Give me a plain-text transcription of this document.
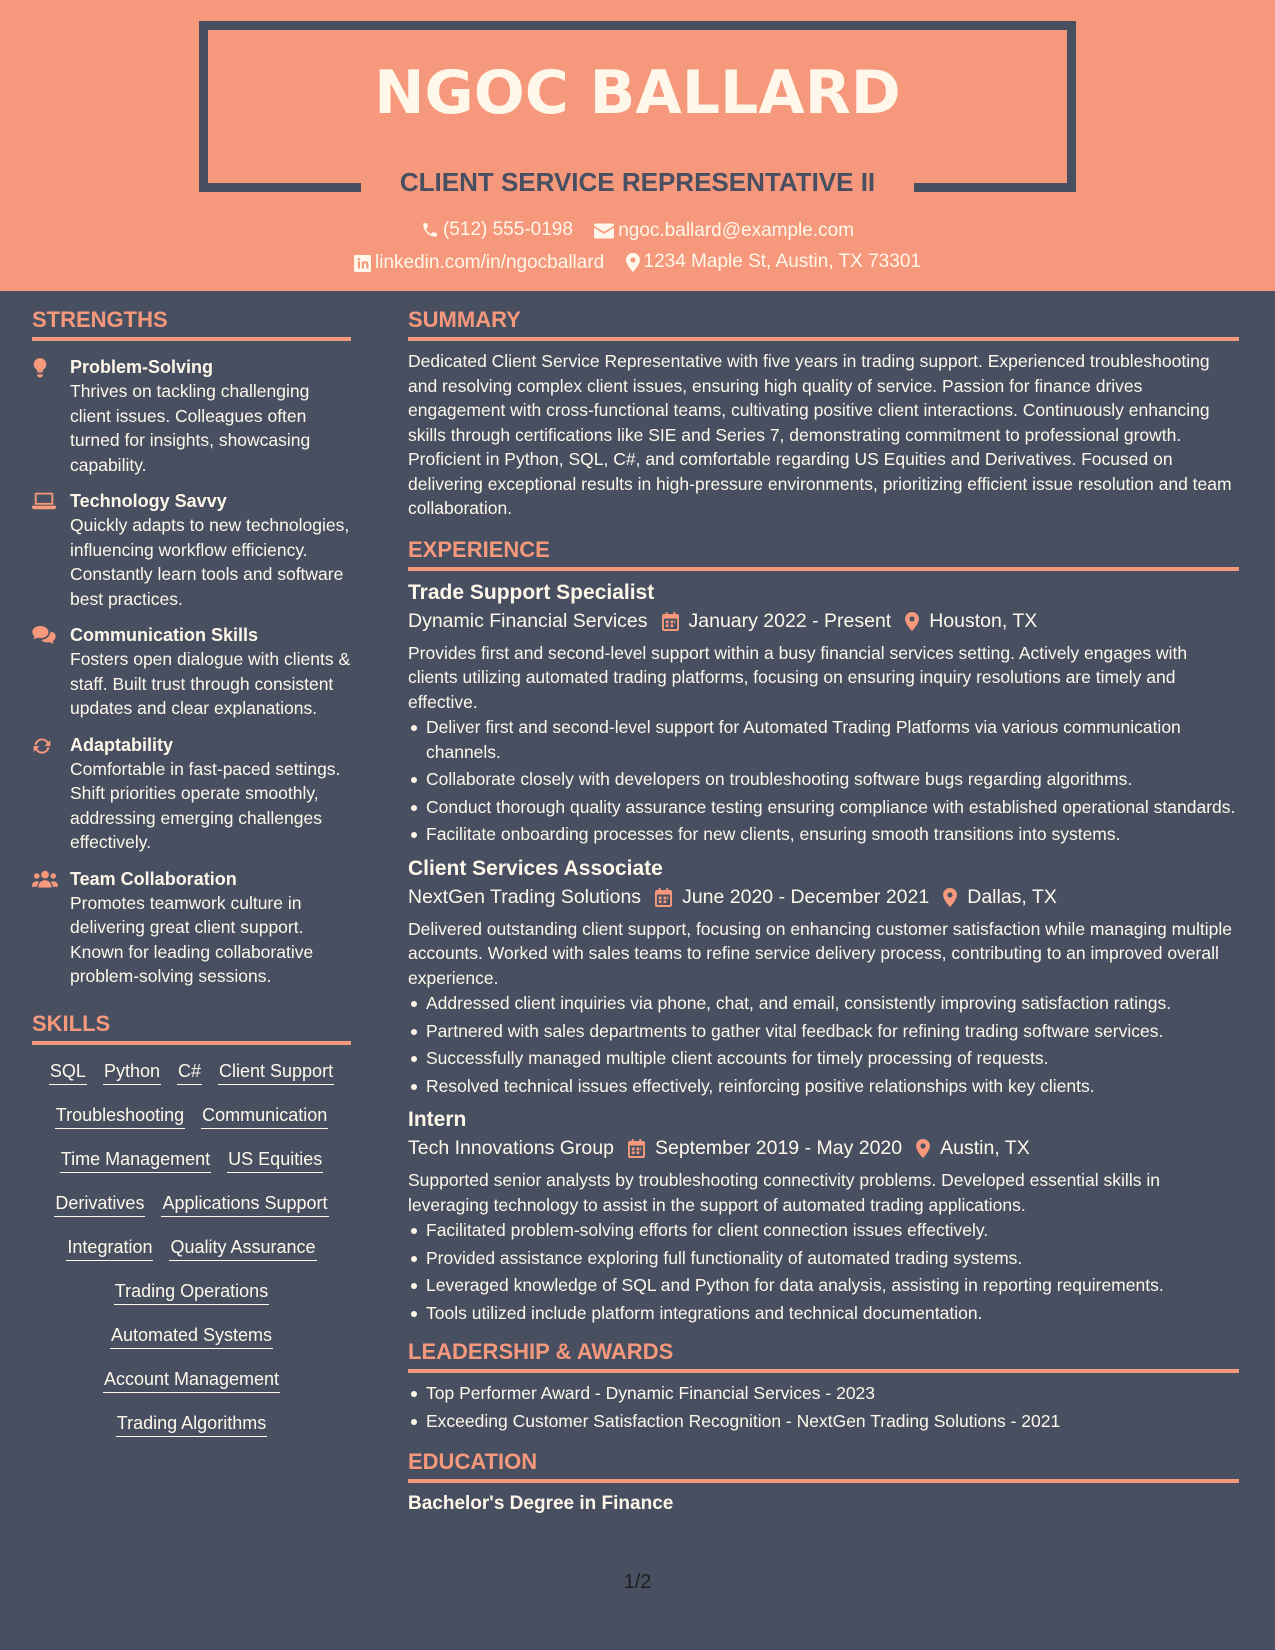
NGOC BALLARD
CLIENT SERVICE REPRESENTATIVE II
(512) 555-0198
ngoc.ballard@example.com
linkedin.com/in/ngocballard
1234 Maple St, Austin, TX 73301
STRENGTHS
Problem-Solving

Thrives on tackling challenging client issues. Colleagues often turned for insights, showcasing capability.

Technology Savvy

Quickly adapts to new technologies, influencing workflow efficiency. Constantly learn tools and software best practices.

Communication Skills

Fosters open dialogue with clients & staff. Built trust through consistent updates and clear explanations.

Adaptability

Comfortable in fast-paced settings. Shift priorities operate smoothly, addressing emerging challenges effectively.

Team Collaboration

Promotes teamwork culture in delivering great client support. Known for leading collaborative problem-solving sessions.

SKILLS
SQL Python C# Client Support
Troubleshooting Communication
Time Management US Equities
Derivatives Applications Support
Integration Quality Assurance
Trading Operations
Automated Systems
Account Management
Trading Algorithms
SUMMARY

Dedicated Client Service Representative with five years in trading support. Experienced troubleshooting and resolving complex client issues, ensuring high quality of service. Passion for finance drives engagement with cross-functional teams, cultivating positive client interactions. Continuously enhancing skills through certifications like SIE and Series 7, demonstrating commitment to professional growth. Proficient in Python, SQL, C#, and comfortable regarding US Equities and Derivatives. Focused on delivering exceptional results in high-pressure environments, prioritizing efficient issue resolution and team collaboration.

EXPERIENCE
Trade Support Specialist
Dynamic Financial Services January 2022 - Present Houston, TX

Provides first and second-level support within a busy financial services setting. Actively engages with clients utilizing automated trading platforms, focusing on ensuring inquiry resolutions are timely and effective.

Deliver first and second-level support for Automated Trading Platforms via various communication channels.
Collaborate closely with developers on troubleshooting software bugs regarding algorithms.
Conduct thorough quality assurance testing ensuring compliance with established operational standards.
Facilitate onboarding processes for new clients, ensuring smooth transitions into systems.
Client Services Associate
NextGen Trading Solutions June 2020 - December 2021 Dallas, TX

Delivered outstanding client support, focusing on enhancing customer satisfaction while managing multiple accounts. Worked with sales teams to refine service delivery process, contributing to an improved overall experience.

Addressed client inquiries via phone, chat, and email, consistently improving satisfaction ratings.
Partnered with sales departments to gather vital feedback for refining trading software services.
Successfully managed multiple client accounts for timely processing of requests.
Resolved technical issues effectively, reinforcing positive relationships with key clients.
Intern
Tech Innovations Group September 2019 - May 2020 Austin, TX

Supported senior analysts by troubleshooting connectivity problems. Developed essential skills in leveraging technology to assist in the support of automated trading applications.

Facilitated problem-solving efforts for client connection issues effectively.
Provided assistance exploring full functionality of automated trading systems.
Leveraged knowledge of SQL and Python for data analysis, assisting in reporting requirements.
Tools utilized include platform integrations and technical documentation.
LEADERSHIP & AWARDS
Top Performer Award - Dynamic Financial Services - 2023
Exceeding Customer Satisfaction Recognition - NextGen Trading Solutions - 2021
EDUCATION
Bachelor's Degree in Finance
1/2
